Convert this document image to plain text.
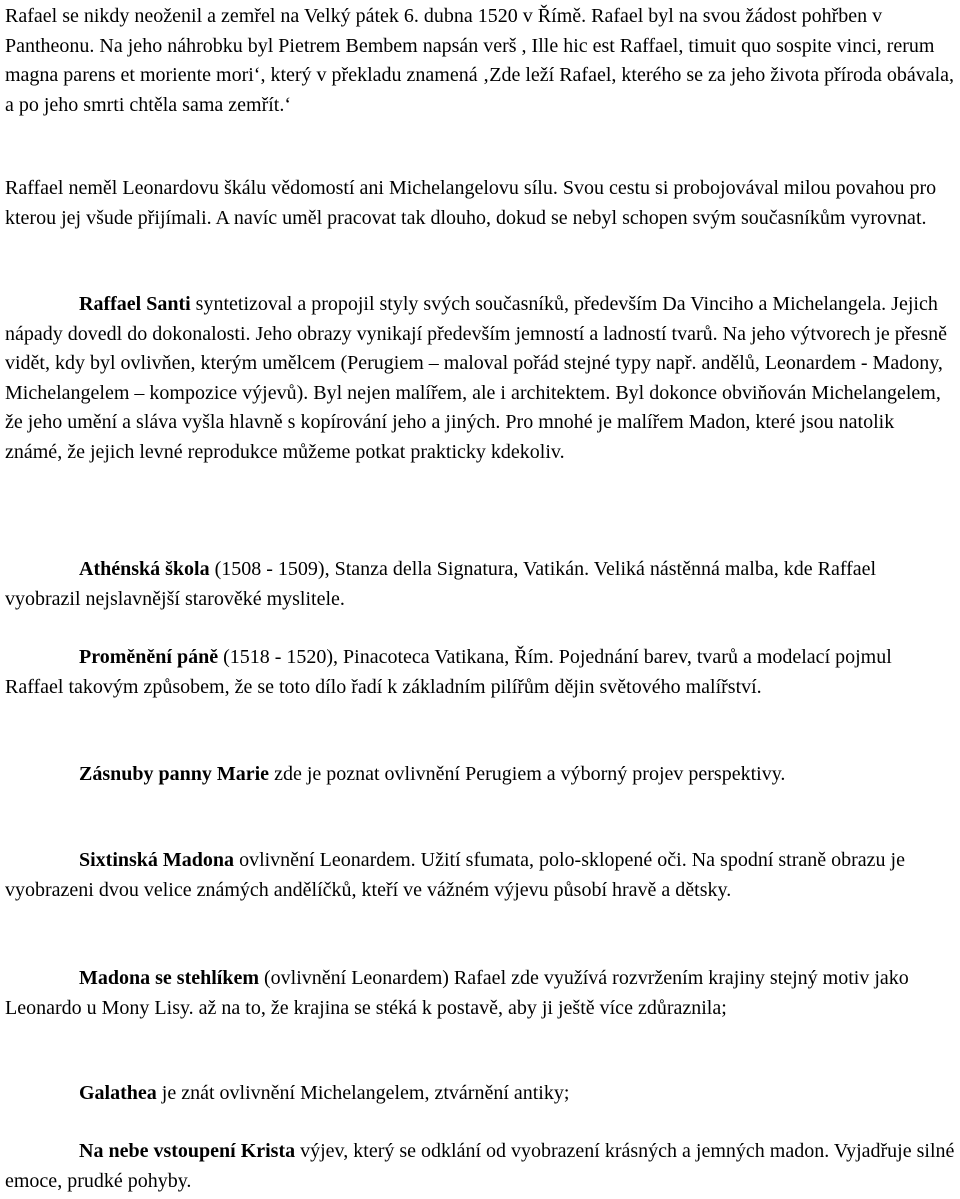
Rafael se nikdy neoženil a zemřel na Velký pátek 6. dubna 1520 v Římě. Rafael byl na svou žádost pohřben v Pantheonu. Na jeho náhrobku byl Pietrem Bembem napsán verš , Ille hic est Raffael, timuit quo sospite vinci, rerum magna parens et moriente mori‘, který v překladu znamená ‚Zde leží Rafael, kterého se za jeho života příroda obávala, a po jeho smrti chtěla sama zemřít.‘

Raffael neměl Leonardovu škálu vědomostí ani Michelangelovu sílu. Svou cestu si probojovával milou povahou pro kterou jej všude přijímali. A navíc uměl pracovat tak dlouho, dokud se nebyl schopen svým současníkům vyrovnat.

Raffael Santi syntetizoval a propojil styly svých současníků, především Da Vinciho a Michelangela. Jejich nápady dovedl do dokonalosti. Jeho obrazy vynikají především jemností a ladností tvarů. Na jeho výtvorech je přesně vidět, kdy byl ovlivňen, kterým umělcem (Perugiem – maloval pořád stejné typy např. andělů, Leonardem - Madony, Michelangelem – kompozice výjevů). Byl nejen malířem, ale i architektem. Byl dokonce obviňován Michelangelem, že jeho umění a sláva vyšla hlavně s kopírování jeho a jiných. Pro mnohé je malířem Madon, které jsou natolik známé, že jejich levné reprodukce můžeme potkat prakticky kdekoliv.

Athénská škola (1508 - 1509), Stanza della Signatura, Vatikán. Veliká nástěnná malba, kde Raffael vyobrazil nejslavnější starověké myslitele.

Proměnění páně (1518 - 1520), Pinacoteca Vatikana, Řím. Pojednání barev, tvarů a modelací pojmul Raffael takovým způsobem, že se toto dílo řadí k základním pilířům dějin světového malířství.

Zásnuby panny Marie zde je poznat ovlivnění Perugiem a výborný projev perspektivy.

Sixtinská Madona ovlivnění Leonardem. Užití sfumata, polo-sklopené oči. Na spodní straně obrazu je vyobrazeni dvou velice známých andělíčků, kteří ve vážném výjevu působí hravě a dětsky.

Madona se stehlíkem (ovlivnění Leonardem) Rafael zde využívá rozvržením krajiny stejný motiv jako Leonardo u Mony Lisy. až na to, že krajina se stéká k postavě, aby ji ještě více zdůraznila;

Galathea je znát ovlivnění Michelangelem, ztvárnění antiky;

Na nebe vstoupení Krista výjev, který se odklání od vyobrazení krásných a jemných madon. Vyjadřuje silné emoce, prudké pohyby.
